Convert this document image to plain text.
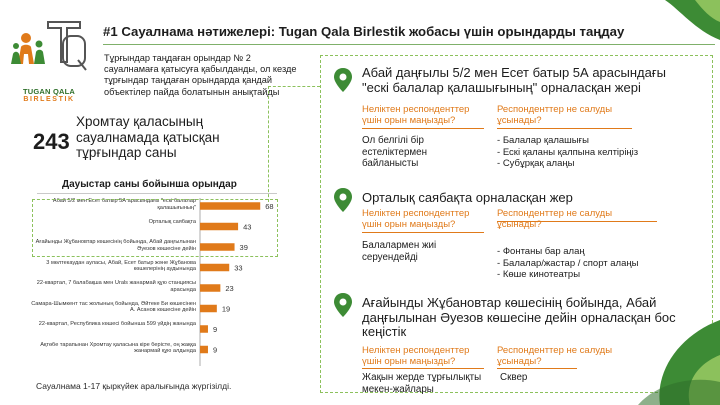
TUGAN QALA
BIRLESTIK
#1 Сауалнама нәтижелері: Tugan Qala Birlestik жобасы үшін орындарды таңдау
Тұрғындар таңдаған орындар № 2 сауалнамаға қатысуға қабылданды, ол кезде тұрғындар таңдаған орындарда қандай объектілер пайда болатынын анықтайды
243
Хромтау қаласының сауалнамада қатысқан тұрғындар саны
Дауыстар саны бойынша орындар
Абай 5/2 мен Есет батыр 5А арасындағы "ескі балалар қалашығының"	68
Орталық саябақта
43
Ағайынды Жұбановтар көшесінің бойында, Абай даңғылынан Әуезов көшесіне дейін	39
3 мөлтекаудан ауласы, Абай, Есет батыр және Жұбанова көшелерінің аудынында	33
22-квартал, 7 балабақша мен Urals жанармай құю станциясы арасында	23
Самара-Шымкент тас жолының бойында, Әйтеке Би көшесінен А. Асанов көшесіне дейін	19
22-квартал, Республика көшесі бойынша 599 үйдің жанында
9
Ақтөбе тарапынан Хромтау қаласына кіре берісте, оң жаққа жанармай құю алдында 9
Абай даңғылы 5/2 мен Есет батыр 5А арасындағы "ескі балалар қалашығының" орналасқан жері
Неліктен респонденттер үшін орын маңызды?
Респонденттер не салуды ұсынады?
Ол белгілі бір естеліктермен байланысты
- Балалар қалашығы
- Ескі қаланы қалпына келтіріңіз
- Субұрқақ алаңы
Орталық саябақта орналасқан жер
Неліктен респонденттер үшін орын маңызды?
Респонденттер не салуды ұсынады?
Балалармен жиі серуендейді
- Фонтаны бар алаң
- Балалар/жастар / спорт алаңы
- Көше кинотеатры
Ағайынды Жұбановтар көшесінің бойында, Абай даңғылынан Әуезов көшесіне дейін орналасқан бос кеңістік
Неліктен респонденттер үшін орын маңызды?
Респонденттер не салуды ұсынады?
Жақын жерде тұрғылықты мекен-жайлары
Сквер
Сауалнама 1-17 қыркүйек аралығында жүргізілді.
